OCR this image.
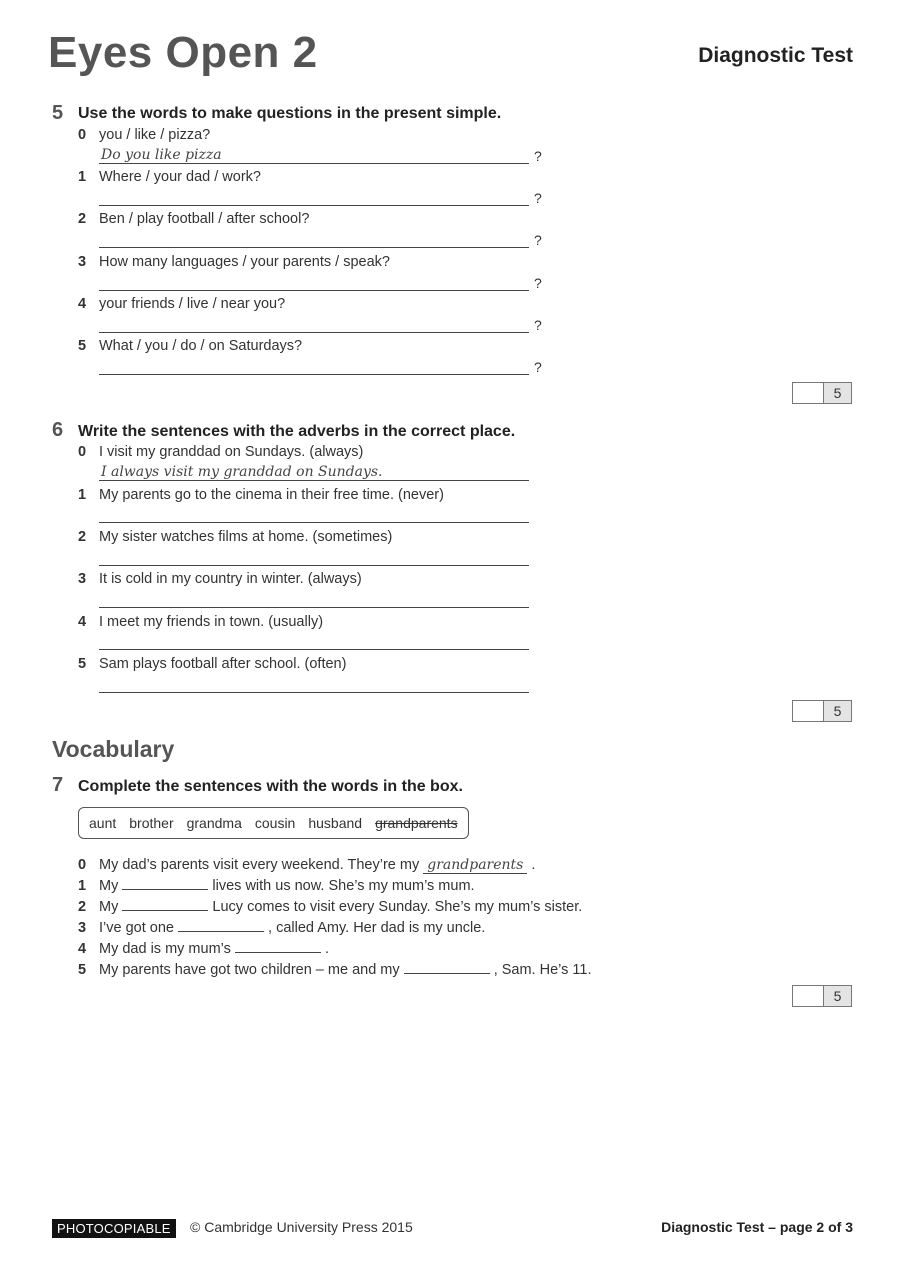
Eyes Open 2	Diagnostic Test
5 Use the words to make questions in the present simple.
0 you / like / pizza?
Do you like pizza	?
1 Where / your dad / work?
?
2 Ben / play football / after school?
?
3 How many languages / your parents / speak?
?
4 your friends / live / near you?
?
5 What / you / do / on Saturdays?
?
5
6 Write the sentences with the adverbs in the correct place.
0 I visit my granddad on Sundays. (always)
I always visit my granddad on Sundays.
1 My parents go to the cinema in their free time. (never)
2 My sister watches films at home. (sometimes)
3 It is cold in my country in winter. (always)
4 I meet my friends in town. (usually)
5 Sam plays football after school. (often)
5
Vocabulary
7 Complete the sentences with the words in the box.
aunt brother grandma cousin husband grandparents
0 My dad’s parents visit every weekend. They’re my grandparents .
1 My	lives with us now. She’s my mum’s mum.
2 My	Lucy comes to visit every Sunday. She’s my mum’s sister.
3 I’ve got one	, called Amy. Her dad is my uncle.
4 My dad is my mum’s	.
5 My parents have got two children – me and my	, Sam. He’s 11.
5
PHOTOCOPIABLE	© Cambridge University Press 2015	Diagnostic Test – page 2 of 3
